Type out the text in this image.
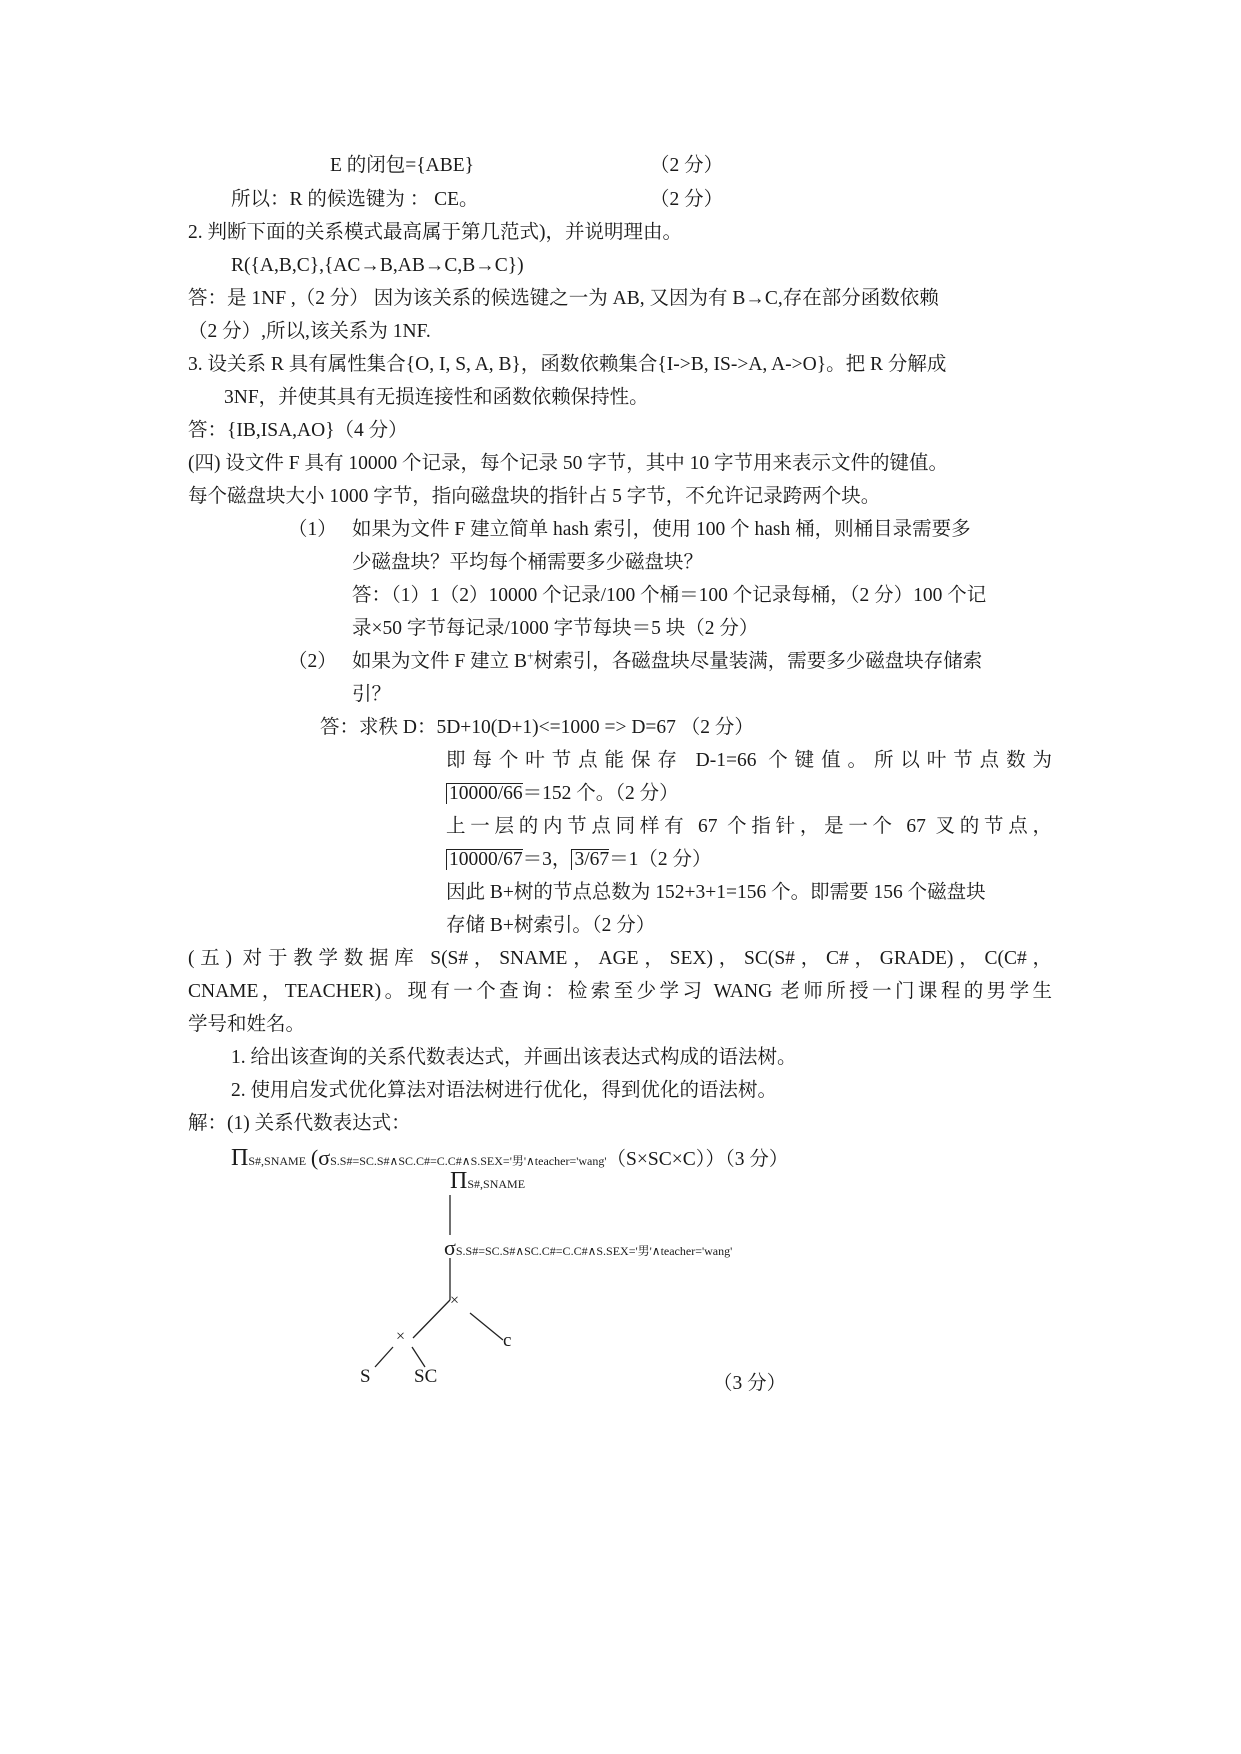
E 的闭包={ABE}	（2 分）
所以：R 的候选键为 ： CE。	（2 分）
2. 判断下面的关系模式最高属于第几范式)，并说明理由。
R({A,B,C},{AC→B,AB→C,B→C})
答：是 1NF ,（2 分） 因为该关系的候选键之一为 AB, 又因为有 B→C,存在部分函数依赖
（2 分）,所以,该关系为 1NF.
3. 设关系 R 具有属性集合{O, I, S, A, B}，函数依赖集合{I->B, IS->A, A->O}。把 R 分解成
3NF，并使其具有无损连接性和函数依赖保持性。
答：{IB,ISA,AO}（4 分）
(四) 设文件 F 具有 10000 个记录，每个记录 50 字节，其中 10 字节用来表示文件的键值。
每个磁盘块大小 1000 字节，指向磁盘块的指针占 5 字节，不允许记录跨两个块。
（1） 如果为文件 F 建立简单 hash 索引，使用 100 个 hash 桶，则桶目录需要多
少磁盘块？平均每个桶需要多少磁盘块？
答：（1）1（2）10000 个记录/100 个桶＝100 个记录每桶，（2 分）100 个记
录×50 字节每记录/1000 字节每块＝5 块（2 分）
（2） 如果为文件 F 建立 B+树索引，各磁盘块尽量装满，需要多少磁盘块存储索
引？
答：求秩 D：5D+10(D+1)<=1000 => D=67 （2 分）
即每个叶节点能保存 D-1=66 个键值。所以叶节点数为
10000/66＝152 个。（2 分）
上一层的内节点同样有 67 个指针，是一个 67 叉的节点，
10000/67＝3， 3/67＝1（2 分）
因此 B+树的节点总数为 152+3+1=156 个。即需要 156 个磁盘块
存储 B+树索引。（2 分）
(五) 对于教学数据库 S(S#，SNAME，AGE，SEX)，SC(S#，C#，GRADE)，C(C#，
CNAME，TEACHER)。现有一个查询：检索至少学习 WANG 老师所授一门课程的男学生
学号和姓名。
1. 给出该查询的关系代数表达式，并画出该表达式构成的语法树。
2. 使用启发式优化算法对语法树进行优化，得到优化的语法树。
解：(1) 关系代数表达式：
ΠS#,SNAME (σS.S#=SC.S#∧SC.C#=C.C#∧S.SEX='男'∧teacher='wang'（S×SC×C））（3 分）
ΠS#,SNAME
σS.S#=SC.S#∧SC.C#=C.C#∧S.SEX='男'∧teacher='wang'
×
×	c
S SC	（3 分）
